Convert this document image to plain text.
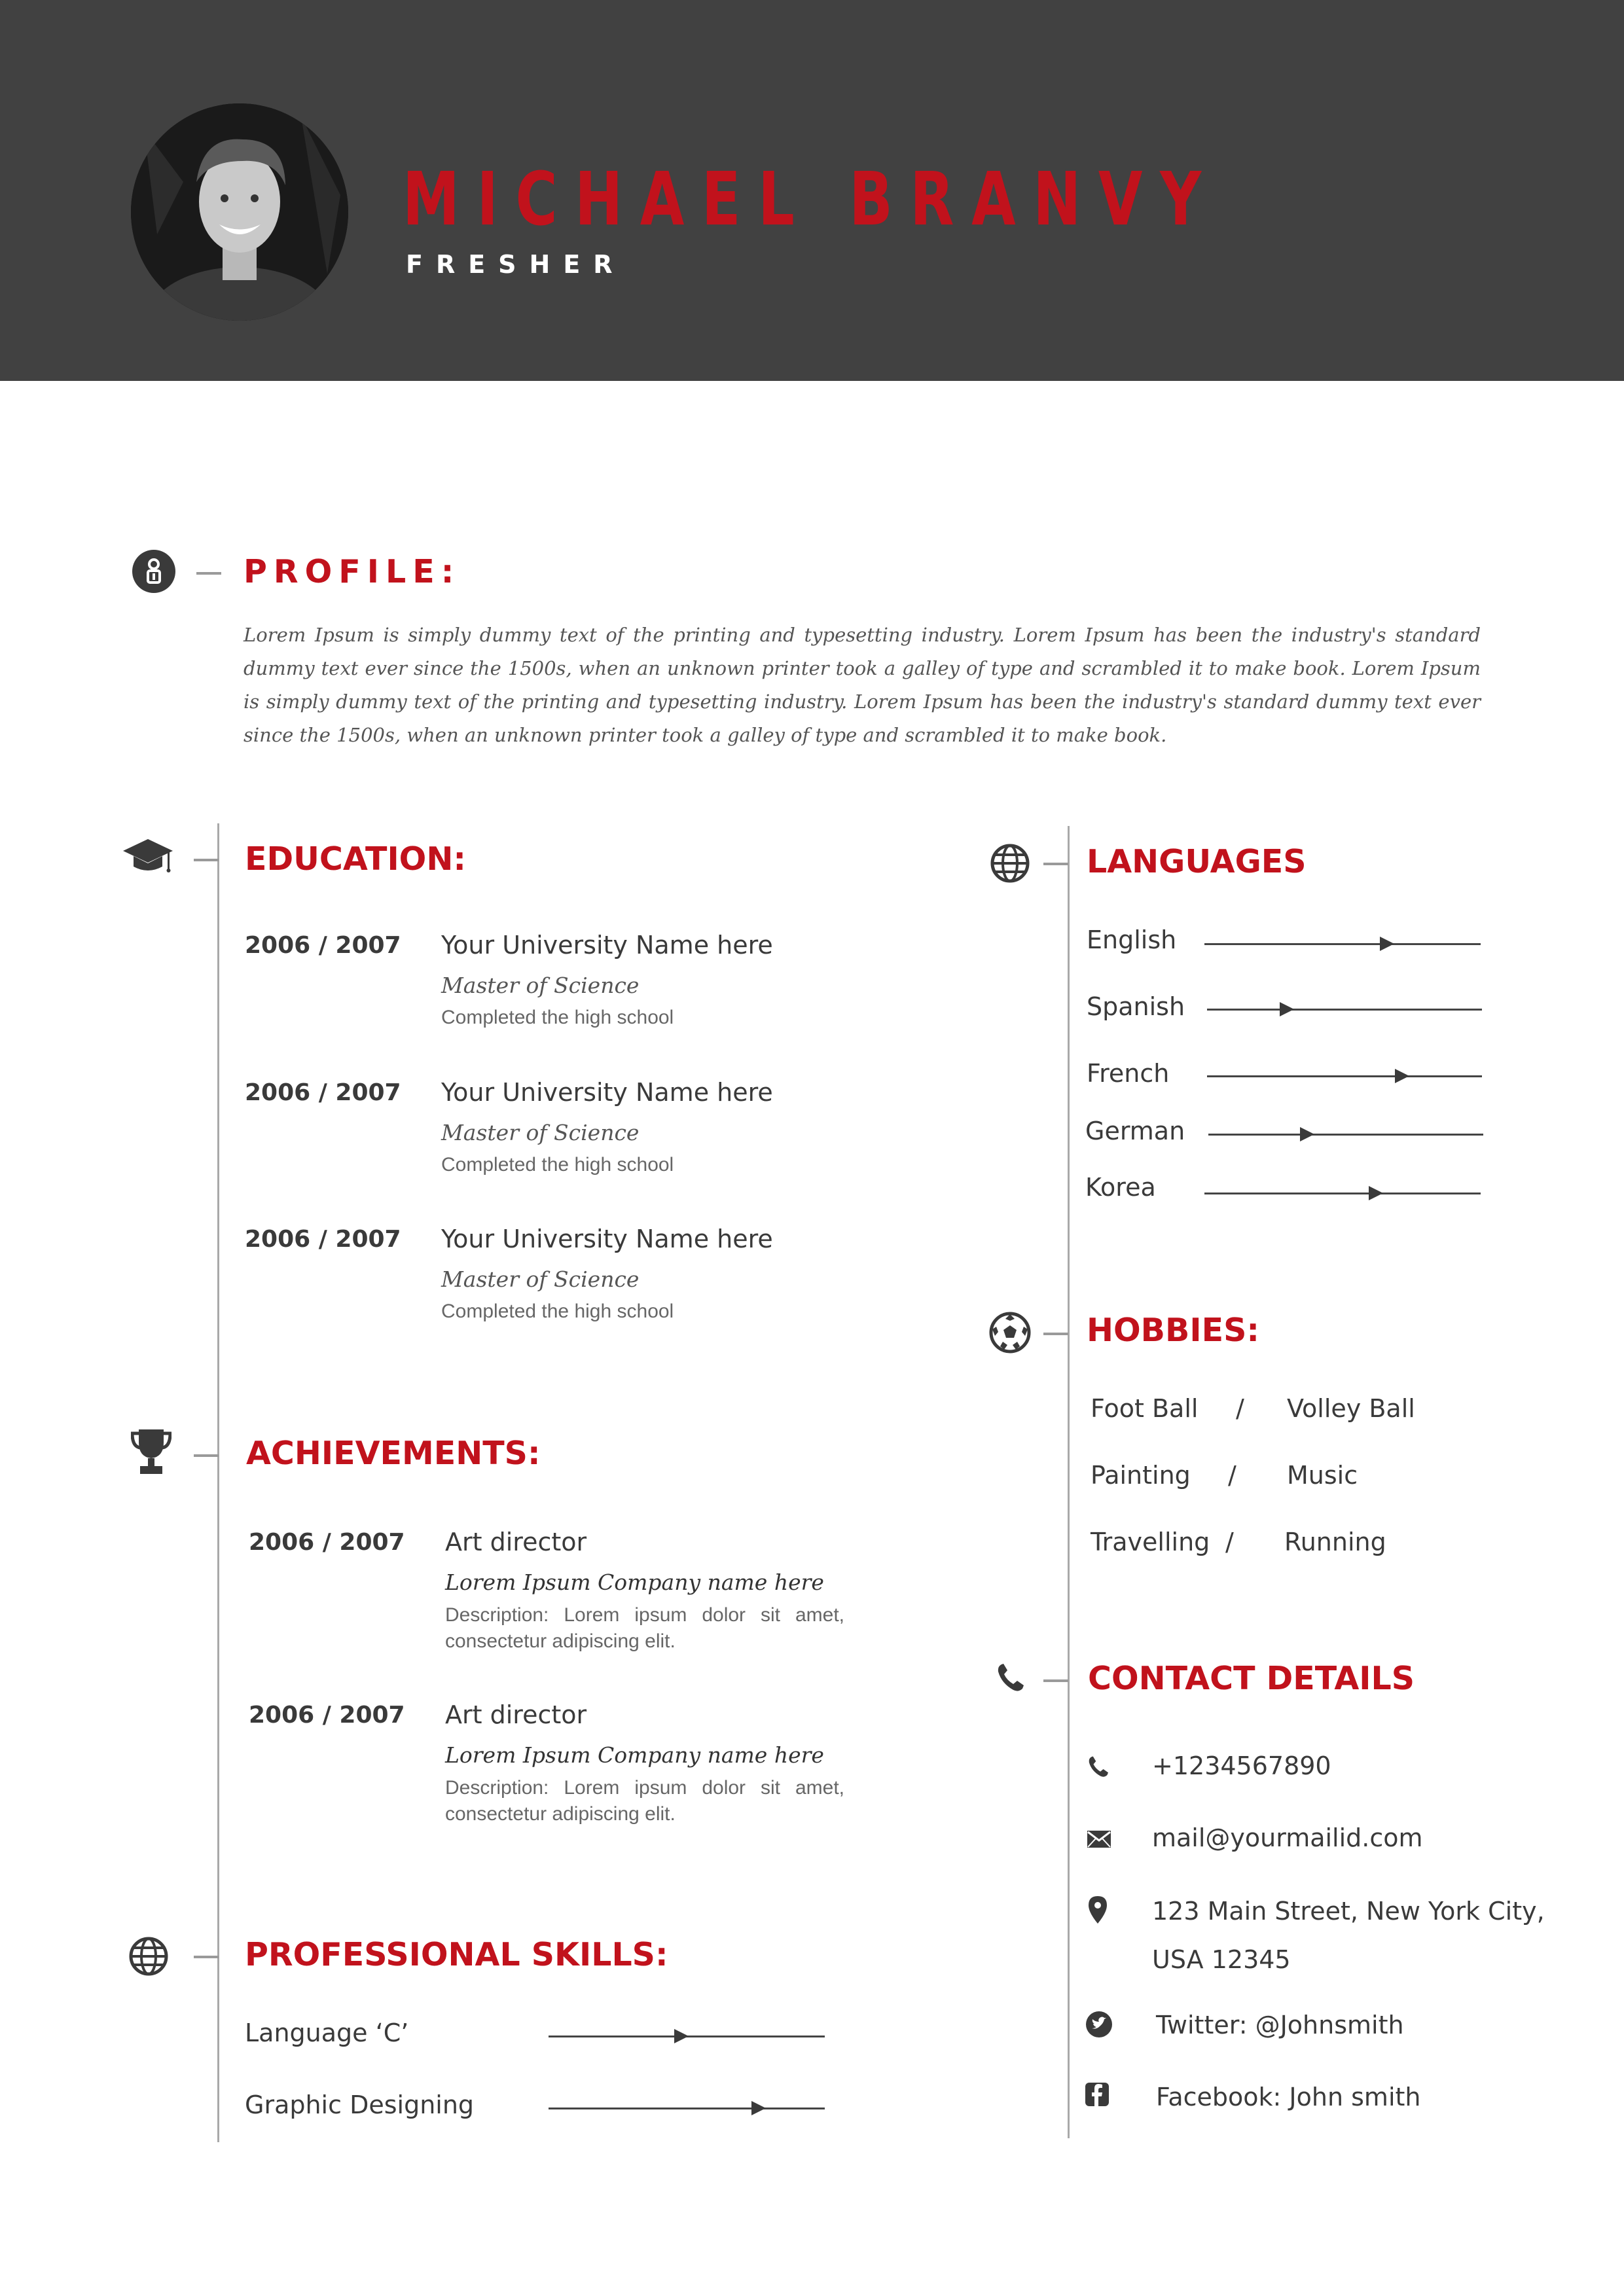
MICHAEL BRANVY
FRESHER
PROFILE:
Lorem Ipsum is simply dummy text of the printing and typesetting industry. Lorem Ipsum has been the industry's standard dummy text ever since the 1500s, when an unknown printer took a galley of type and scrambled it to make book. Lorem Ipsum is simply dummy text of the printing and typesetting industry. Lorem Ipsum has been the industry's standard dummy text ever since the 1500s, when an unknown printer took a galley of type and scrambled it to make book.
EDUCATION:
2006 / 2007 Your University Name here
Master of Science
Completed the high school
2006 / 2007 Your University Name here
Master of Science
Completed the high school
2006 / 2007 Your University Name here
Master of Science
Completed the high school
ACHIEVEMENTS:
2006 / 2007 Art director
Lorem Ipsum Company name here
Description: Lorem ipsum dolor sit amet, consectetur adipiscing elit.
2006 / 2007 Art director
Lorem Ipsum Company name here
Description: Lorem ipsum dolor sit amet, consectetur adipiscing elit.
PROFESSIONAL SKILLS:
Language ‘C’
Graphic Designing
LANGUAGES
English
Spanish
French
German
Korea
HOBBIES:
Foot Ball / Volley Ball
Painting / Music
Travelling / Running
CONTACT DETAILS
+1234567890
mail@yourmailid.com
123 Main Street, New York City,
USA 12345
Twitter: @Johnsmith
Facebook: John smith
